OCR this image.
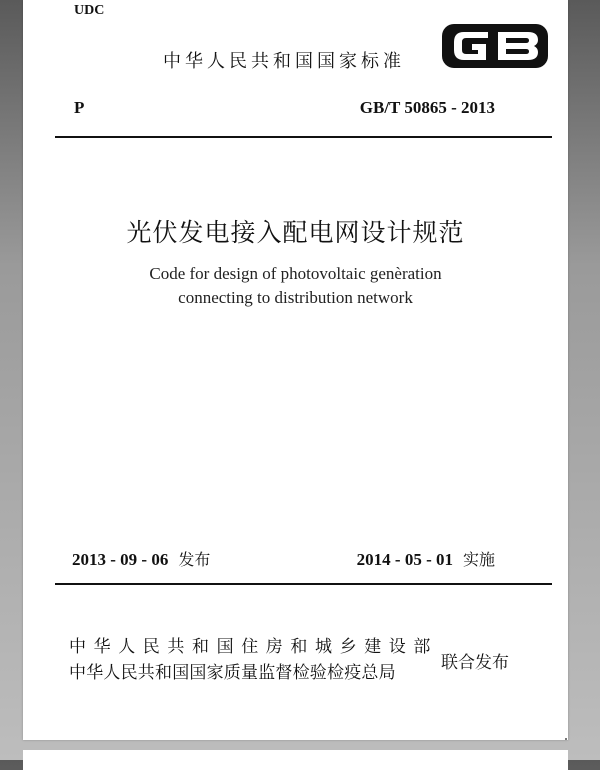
UDC
中华人民共和国国家标准
P	GB/T 50865 - 2013
光伏发电接入配电网设计规范
Code for design of photovoltaic genèration
connecting to distribution network
2013 - 09 - 06 发布	2014 - 05 - 01 实施
中华人民共和国住房和城乡建设部
中华人民共和国国家质量监督检验检疫总局	联合发布
